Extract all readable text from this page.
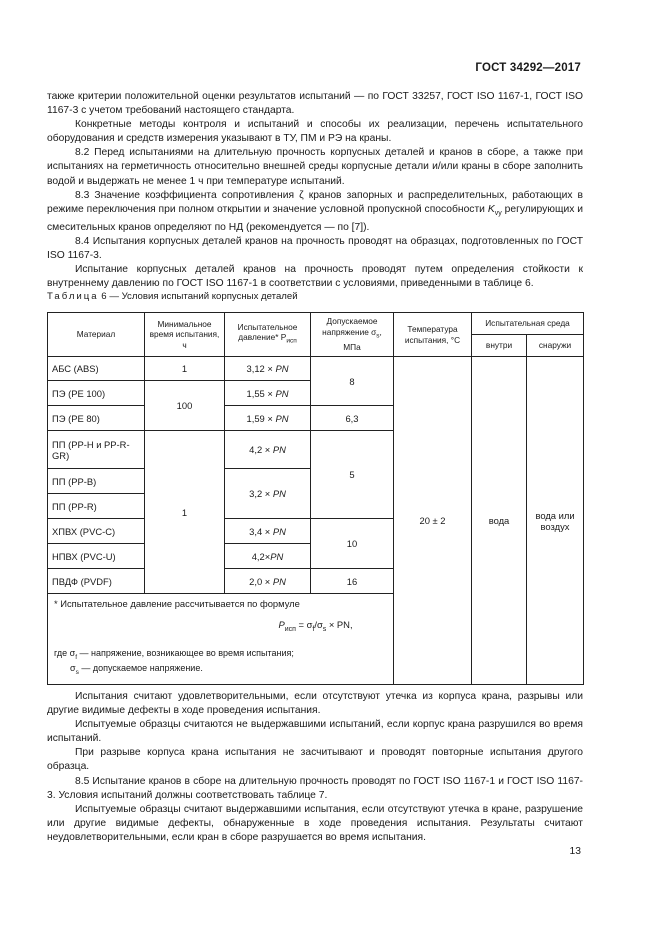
ГОСТ 34292—2017

также критерии положительной оценки результатов испытаний — по ГОСТ 33257, ГОСТ ISO 1167-1, ГОСТ ISO 1167-3 с учетом требований настоящего стандарта.

Конкретные методы контроля и испытаний и способы их реализации, перечень испытательного оборудования и средств измерения указывают в ТУ, ПМ и РЭ на краны.

8.2 Перед испытаниями на длительную прочность корпусных деталей и кранов в сборе, а также при испытаниях на герметичность относительно внешней среды корпусные детали и/или краны в сборе заполнить водой и выдержать не менее 1 ч при температуре испытаний.

8.3 Значение коэффициента сопротивления ζ кранов запорных и распределительных, работающих в режиме переключения при полном открытии и значение условной пропускной способности $K_{vy}$ регулирующих и смесительных кранов определяют по НД (рекомендуется — по [7]).

8.4 Испытания корпусных деталей кранов на прочность проводят на образцах, подготовленных по ГОСТ ISO 1167-3.

Испытание корпусных деталей кранов на прочность проводят путем определения стойкости к внутреннему давлению по ГОСТ ISO 1167-1 в соответствии с условиями, приведенными в таблице 6.

Таблица 6 — Условия испытаний корпусных деталей
Материал	Минимальное время испытания, ч	Испытательное давление* $P_{исп}$	Допускаемое напряжение $\sigma_s$, МПа	Температура испытания, °C	Испытательная среда	
					внутри	снаружи
АБС (ABS)	1	3,12 × PN	8	20 ± 2	вода	вода или воздух
ПЭ (PE 100)	100	1,55 × PN				
ПЭ (PE 80)		1,59 × PN	6,3			
ПП (PP-H и PP-R-GR)	1	4,2 × PN	5			
ПП (PP-B)		3,2 × PN				
ПП (PP-R)						
ХПВХ (PVC-C)		3,4 × PN	10			
НПВХ (PVC-U)		4,2×PN				
ПВДФ (PVDF)		2,0 × PN	16			

* Испытательное давление рассчитывается по формуле
$P_{исп} = \sigma_f/\sigma_s$ × PN,
где $\sigma_f$ — напряжение, возникающее во время испытания;
$\sigma_s$ — допускаемое напряжение.						

Испытания считают удовлетворительными, если отсутствуют утечка из корпуса крана, разрывы или другие видимые дефекты в ходе проведения испытания.

Испытуемые образцы считаются не выдержавшими испытаний, если корпус крана разрушился во время испытаний.

При разрыве корпуса крана испытания не засчитывают и проводят повторные испытания другого образца.

8.5 Испытание кранов в сборе на длительную прочность проводят по ГОСТ ISO 1167-1 и ГОСТ ISO 1167-3. Условия испытаний должны соответствовать таблице 7.

Испытуемые образцы считают выдержавшими испытания, если отсутствуют утечка в кране, разрушение или другие видимые дефекты, обнаруженные в ходе проведения испытания. Результаты считают неудовлетворительными, если кран в сборе разрушается во время испытания.

13
